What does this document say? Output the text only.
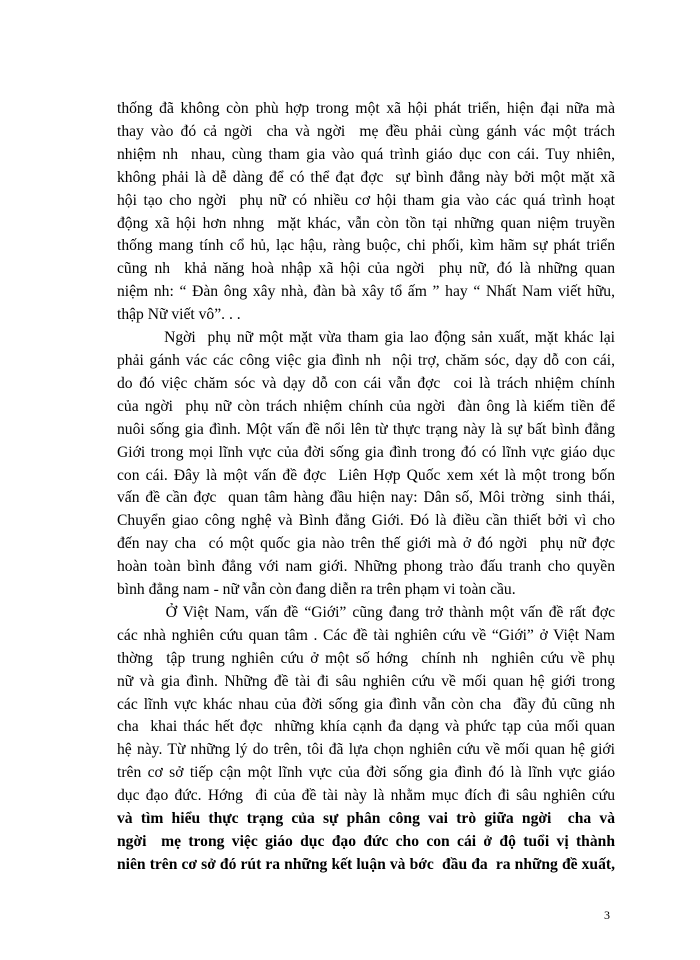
thống đã không còn phù hợp trong một xã hội phát triển, hiện đại nữa mà
thay vào đó cả ngời  cha và ngời  mẹ đều phải cùng gánh vác một trách
nhiệm nh  nhau, cùng tham gia vào quá trình giáo dục con cái. Tuy nhiên,
không phải là dễ dàng để có thể đạt đợc  sự bình đẳng này bởi một mặt xã
hội tạo cho ngời  phụ nữ có nhiều cơ hội tham gia vào các quá trình hoạt
động xã hội hơn nhng  mặt khác, vẫn còn tồn tại những quan niệm truyền
thống mang tính cổ hủ, lạc hậu, ràng buộc, chi phối, kìm hãm sự phát triển
cũng nh  khả năng hoà nhập xã hội của ngời  phụ nữ, đó là những quan
niệm nh: “ Đàn ông xây nhà, đàn bà xây tổ ấm ” hay “ Nhất Nam viết hữu,
thập Nữ viết vô”. . .

Ngời  phụ nữ một mặt vừa tham gia lao động sản xuất, mặt khác lại
phải gánh vác các công việc gia đình nh  nội trợ, chăm sóc, dạy dỗ con cái,
do đó việc chăm sóc và dạy dỗ con cái vẫn đợc  coi là trách nhiệm chính
của ngời  phụ nữ còn trách nhiệm chính của ngời  đàn ông là kiếm tiền để
nuôi sống gia đình. Một vấn đề nổi lên từ thực trạng này là sự bất bình đẳng
Giới trong mọi lĩnh vực của đời sống gia đình trong đó có lĩnh vực giáo dục
con cái. Đây là một vấn đề đợc  Liên Hợp Quốc xem xét là một trong bốn
vấn đề cần đợc  quan tâm hàng đầu hiện nay: Dân số, Môi trờng  sinh thái,
Chuyển giao công nghệ và Bình đẳng Giới. Đó là điều cần thiết bởi vì cho
đến nay cha  có một quốc gia nào trên thế giới mà ở đó ngời  phụ nữ đợc
hoàn toàn bình đẳng với nam giới. Những phong trào đấu tranh cho quyền
bình đẳng nam - nữ vẫn còn đang diễn ra trên phạm vi toàn cầu.

Ở Việt Nam, vấn đề “Giới” cũng đang trở thành một vấn đề rất đợc
các nhà nghiên cứu quan tâm . Các đề tài nghiên cứu về “Giới” ở Việt Nam
thờng  tập trung nghiên cứu ở một số hớng  chính nh  nghiên cứu về phụ
nữ và gia đình. Những đề tài đi sâu nghiên cứu về mối quan hệ giới trong
các lĩnh vực khác nhau của đời sống gia đình vẫn còn cha  đầy đủ cũng nh
cha  khai thác hết đợc  những khía cạnh đa dạng và phức tạp của mối quan
hệ này. Từ những lý do trên, tôi đã lựa chọn nghiên cứu về mối quan hệ giới
trên cơ sở tiếp cận một lĩnh vực của đời sống gia đình đó là lĩnh vực giáo
dục đạo đức. Hớng  đi của đề tài này là nhằm mục đích đi sâu nghiên cứu
và tìm hiểu thực trạng của sự phân công vai trò giữa ngời  cha và
ngời  mẹ trong việc giáo dục đạo đức cho con cái ở độ tuổi vị thành
niên trên cơ sở đó rút ra những kết luận và bớc  đầu đa  ra những đề xuất,

3
